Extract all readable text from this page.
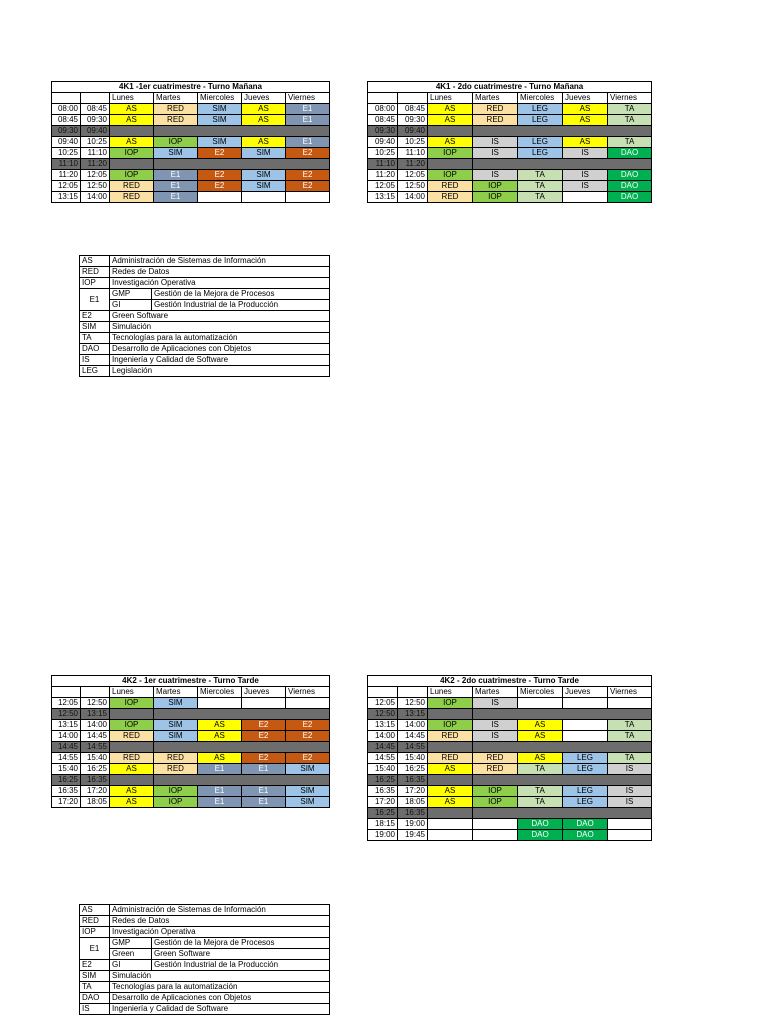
4K1 -1er cuatrimestre - Turno Mañana						
		Lunes	Martes	Miercoles	Jueves	Viernes
08:00	08:45	AS	RED	SIM	AS	E1
08:45	09:30	AS	RED	SIM	AS	E1
09:30	09:40					
09:40	10:25	AS	IOP	SIM	AS	E1
10:25	11:10	IOP	SIM	E2	SIM	E2
11:10	11:20					
11:20	12:05	IOP	E1	E2	SIM	E2
12:05	12:50	RED	E1	E2	SIM	E2
13:15	14:00	RED	E1			
4K1 - 2do cuatrimestre - Turno Mañana						
		Lunes	Martes	Miercoles	Jueves	Viernes
08:00	08:45	AS	RED	LEG	AS	TA
08:45	09:30	AS	RED	LEG	AS	TA
09:30	09:40					
09:40	10:25	AS	IS	LEG	AS	TA
10:25	11:10	IOP	IS	LEG	IS	DAO
11:10	11:20					
11:20	12:05	IOP	IS	TA	IS	DAO
12:05	12:50	RED	IOP	TA	IS	DAO
13:15	14:00	RED	IOP	TA		DAO
4K2 - 1er cuatrimestre - Turno Tarde						
		Lunes	Martes	Miercoles	Jueves	Viernes
12:05	12:50	IOP	SIM			
12:50	13:15					
13:15	14:00	IOP	SIM	AS	E2	E2
14:00	14:45	RED	SIM	AS	E2	E2
14:45	14:55					
14:55	15:40	RED	RED	AS	E2	E2
15:40	16:25	AS	RED	E1	E1	SIM
16:25	16:35					
16:35	17:20	AS	IOP	E1	E1	SIM
17:20	18:05	AS	IOP	E1	E1	SIM
4K2 - 2do cuatrimestre - Turno Tarde						
		Lunes	Martes	Miercoles	Jueves	Viernes
12:05	12:50	IOP	IS			
12:50	13:15					
13:15	14:00	IOP	IS	AS		TA
14:00	14:45	RED	IS	AS		TA
14:45	14:55					
14:55	15:40	RED	RED	AS	LEG	TA
15:40	16:25	AS	RED	TA	LEG	IS
16:25	16:35					
16:35	17:20	AS	IOP	TA	LEG	IS
17:20	18:05	AS	IOP	TA	LEG	IS
16:25	16:35					
18:15	19:00			DAO	DAO	
19:00	19:45			DAO	DAO	
AS	Administración de Sistemas de Información	
RED	Redes de Datos	
IOP	Investigación Operativa	
E1	GMP	Gestión de la Mejora de Procesos
	GI	Gestión Industrial de la Producción
E2	Green Software	
SIM	Simulación	
TA	Tecnologías para la automatización	
DAO	Desarrollo de Aplicaciones con Objetos	
IS	Ingeniería y Calidad de Software	
LEG	Legislación	
AS	Administración de Sistemas de Información	
RED	Redes de Datos	
IOP	Investigación Operativa	
E1	GMP	Gestión de la Mejora de Procesos
	Green	Green Software
E2	GI	Gestión Industrial de la Producción
SIM	Simulación	
TA	Tecnologías para la automatización	
DAO	Desarrollo de Aplicaciones con Objetos	
IS	Ingeniería y Calidad de Software	
